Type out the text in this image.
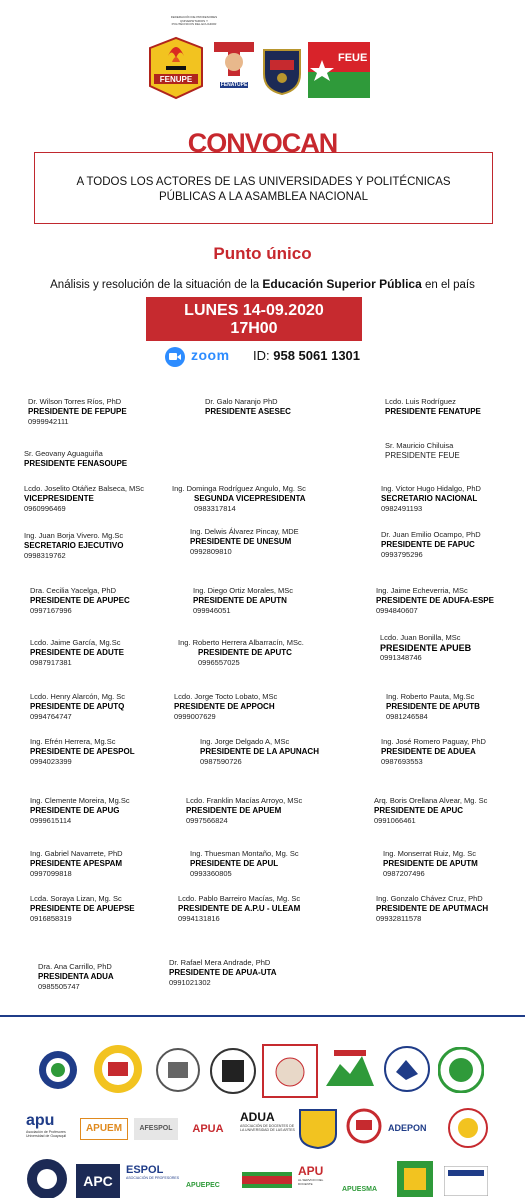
FEDERACIÓN DE PROFESORES UNIVERSITARIOS Y POLITÉCNICOS DEL ECUADOR
FENUPE
FENATUPE
FEUE
CONVOCAN
A TODOS LOS ACTORES DE LAS UNIVERSIDADES Y POLITÉCNICAS
PÚBLICAS A LA ASAMBLEA NACIONAL
Punto único
Análisis y resolución de la situación de la Educación Superior Pública en el país
LUNES 14-09.2020
17H00
zoom ID: 958 5061 1301
Dr. Wilson Torres Ríos, PhD
PRESIDENTE DE FEPUPE
0999942111
Dr. Galo Naranjo PhD
PRESIDENTE ASESEC
Lcdo. Luis Rodríguez
PRESIDENTE FENATUPE
Sr. Geovany Aguaguiña
PRESIDENTE FENASOUPE
Sr. Mauricio Chiluisa
PRESIDENTE FEUE
Lcdo. Joselito Otáñez Balseca, MSc
VICEPRESIDENTE
0960996469
Ing. Dominga Rodríguez Angulo, Mg. Sc
SEGUNDA VICEPRESIDENTA
0983317814
Ing. Victor Hugo Hidalgo, PhD
SECRETARIO NACIONAL
0982491193
Ing. Juan Borja Vivero. Mg.Sc
SECRETARIO EJECUTIVO
0998319762
Ing. Delwis Álvarez Pincay, MDE
PRESIDENTE DE UNESUM
0992809810
Dr. Juan Emilio Ocampo, PhD
PRESIDENTE DE FAPUC
0993795296
Dra. Cecilia Yacelga, PhD
PRESIDENTE DE APUPEC
0997167996
Ing. Diego Ortiz Morales, MSc
PRESIDENTE DE APUTN
099946051
Ing. Jaime Echeverria, MSc
PRESIDENTE DE ADUFA-ESPE
0994840607
Lcdo. Jaime García, Mg.Sc
PRESIDENTE DE ADUTE
0987917381
Ing. Roberto Herrera Albarracín, MSc.
PRESIDENTE DE APUTC
0996557025
Lcdo. Juan Bonilla, MSc
PRESIDENTE APUEB
0991348746
Lcdo. Henry Alarcón, Mg. Sc
PRESIDENTE DE APUTQ
0994764747
Lcdo. Jorge Tocto Lobato, MSc
PRESIDENTE DE APPOCH
0999007629
Ing. Roberto Pauta, Mg.Sc
PRESIDENTE DE APUTB
0981246584
Ing. Efrén Herrera, Mg.Sc
PRESIDENTE DE APESPOL
0994023399
Ing. Jorge Delgado A, MSc
PRESIDENTE DE LA APUNACH
0987590726
Ing. José Romero Paguay, PhD
PRESIDENTE DE ADUEA
0987693553
Ing. Clemente Moreira, Mg.Sc
PRESIDENTE DE APUG
0999615114
Lcdo. Franklin Macías Arroyo, MSc
PRESIDENTE DE APUEM
0997566824
Arq. Boris Orellana Alvear, Mg. Sc
PRESIDENTE DE APUC
0991066461
Ing. Gabriel Navarrete, PhD
PRESIDENTE APESPAM
0997099818
Ing. Thuesman Montaño, Mg. Sc
PRESIDENTE DE APUL
0993360805
Ing. Monserrat Ruiz, Mg. Sc
PRESIDENTE DE APUTM
0987207496
Lcda. Soraya Lizan, Mg. Sc
PRESIDENTE DE APUEPSE
0916858319
Lcdo. Pablo Barreiro Macías, Mg. Sc
PRESIDENTE DE A.P.U - ULEAM
0994131816
Ing. Gonzalo Chávez Cruz, PhD
PRESIDENTE DE APUTMACH
09932811578
Dra. Ana Carrillo, PhD
PRESIDENTA ADUA
0985505747
Dr. Rafael Mera Andrade, PhD
PRESIDENTE DE APUA-UTA
0991021302
apu
Asociación de Profesores Universidad de Guayaquil
APUEM	AFESPOL	APUA
ADUA
ASOCIACIÓN DE DOCENTES DE LA UNIVERSIDAD DE LAS ARTES	ADEPON
APC
ESPOL
ASOCIACIÓN DE PROFESORES
APUEPEC
APU
AL SERVICIO DEL DOCENTE
APUESMA
